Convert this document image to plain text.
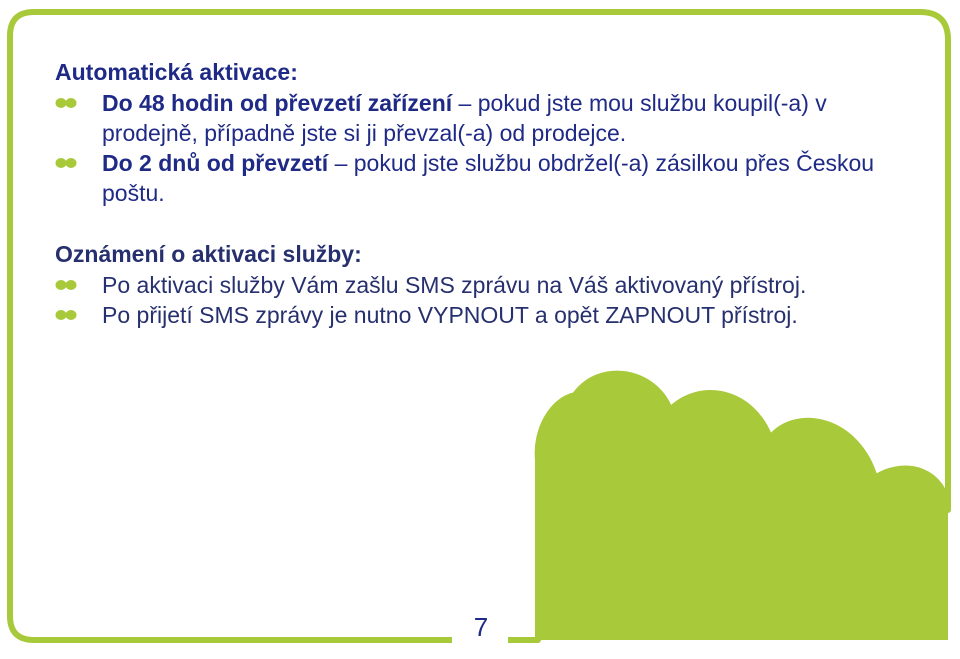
Automatická aktivace:
Do 48 hodin od převzetí zařízení – pokud jste mou službu koupil(-a) v prodejně, případně jste si ji převzal(-a) od prodejce.
Do 2 dnů od převzetí – pokud jste službu obdržel(-a) zásilkou přes Českou poštu.
Oznámení o aktivaci služby:
Po aktivaci služby Vám zašlu SMS zprávu na Váš aktivovaný přístroj.
Po přijetí SMS zprávy je nutno VYPNOUT a opět ZAPNOUT přístroj.
7
